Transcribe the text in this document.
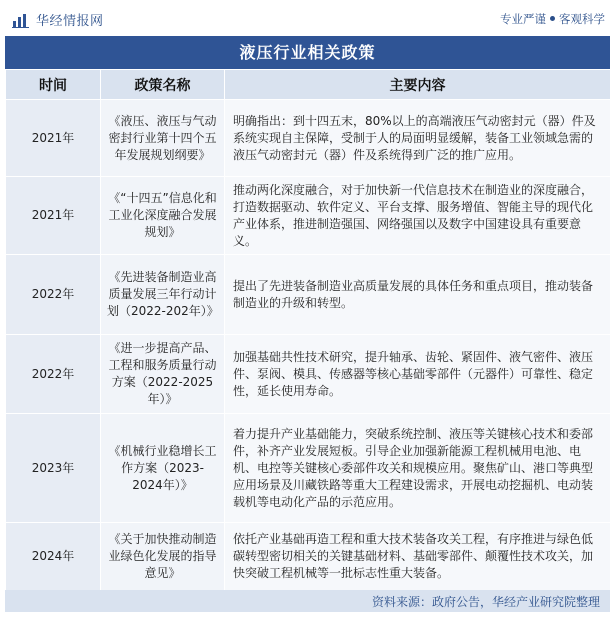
华经情报网	专业严谨 客观科学
液压行业相关政策
时间	政策名称	主要内容
2021年	《液压、液压与气动密封行业第十四个五年发展规划纲要》	明确指出：到十四五末，80%以上的高端液压气动密封元（器）件及系统实现自主保障，受制于人的局面明显缓解，装备工业领域急需的液压气动密封元（器）件及系统得到广泛的推广应用。
2021年	《“十四五”信息化和工业化深度融合发展规划》	推动两化深度融合，对于加快新一代信息技术在制造业的深度融合，打造数据驱动、软件定义、平台支撑、服务增值、智能主导的现代化产业体系，推进制造强国、网络强国以及数字中国建设具有重要意义。
2022年	《先进装备制造业高质量发展三年行动计划（2022-202年）》	提出了先进装备制造业高质量发展的具体任务和重点项目，推动装备制造业的升级和转型。
2022年	《进一步提高产品、工程和服务质量行动方案（2022-2025年）》	加强基础共性技术研究，提升轴承、齿轮、紧固件、液气密件、液压件、泵阀、模具、传感器等核心基础零部件（元器件）可靠性、稳定性，延长使用寿命。
2023年	《机械行业稳增长工作方案（2023-2024年）》	着力提升产业基础能力，突破系统控制、液压等关键核心技术和委部件，补齐产业发展短板。引导企业加强新能源工程机械用电池、电机、电控等关键核心委部件攻关和规模应用。聚焦矿山、港口等典型应用场景及川藏铁路等重大工程建设需求，开展电动挖掘机、电动装载机等电动化产品的示范应用。
2024年	《关于加快推动制造业绿色化发展的指导意见》	依托产业基础再造工程和重大技术装备攻关工程，有序推进与绿色低碳转型密切相关的关键基础材料、基础零部件、颠覆性技术攻关，加快突破工程机械等一批标志性重大装备。
资料来源：政府公告，华经产业研究院整理
